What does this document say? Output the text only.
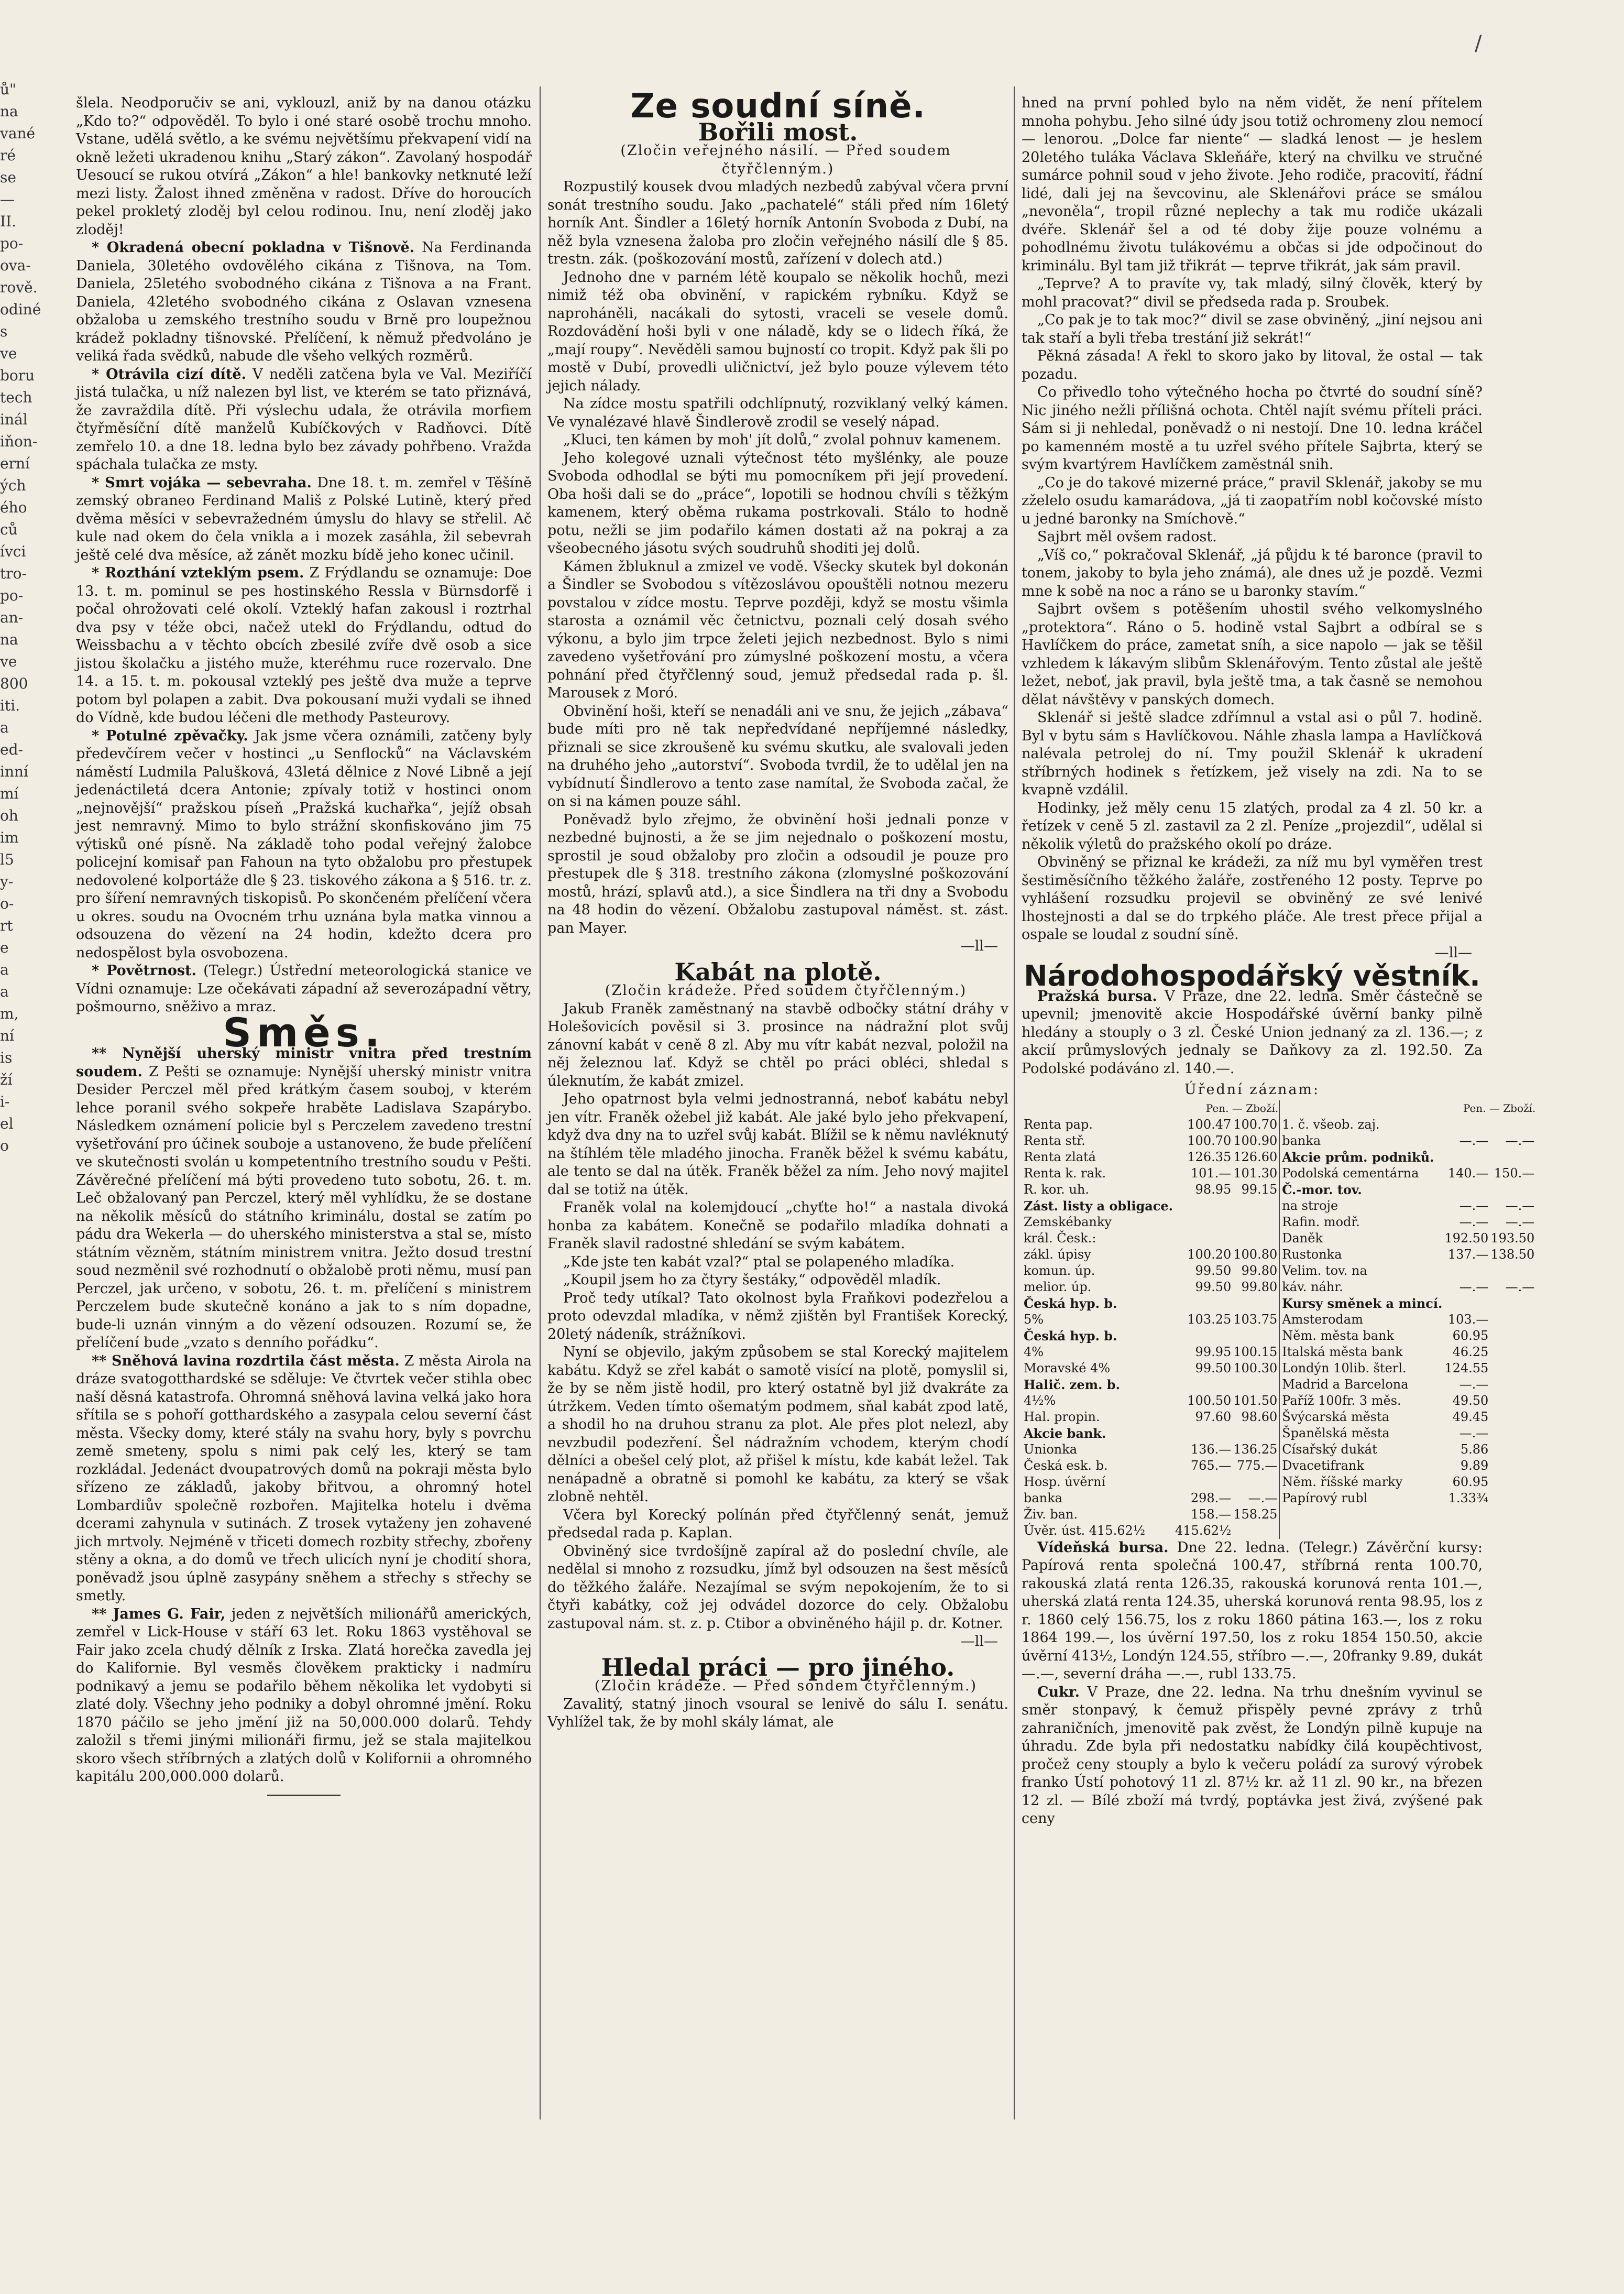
ů" na
vané
ré se
—II.
po-
ova-
rově.
odiné
s ve
boru
tech
inál
iňon-
erní
ých
ého
ců
ívci
tro-
po-
an-
na
ve
800
iti.
a
ed-
inní
mí
oh
im
l5
y-
o-
rt
e
a
a
m,
ní
is
ží
i-
el
o
/

šlela. Neodporučiv se ani, vyklouzl, aniž by na danou otázku „Kdo to?“ odpověděl. To bylo i oné staré osobě trochu mnoho. Vstane, udělá světlo, a ke svému největšímu překvapení vidí na okně ležeti ukradenou knihu „Starý zákon“. Zavolaný hospodář Uesoucí se rukou otvírá „Zákon“ a hle! bankovky netknuté leží mezi listy. Žalost ihned změněna v radost. Dříve do horoucích pekel prokletý zloděj byl celou rodinou. Inu, není zloděj jako zloděj!

* Okradená obecní pokladna v Tišnově. Na Ferdinanda Daniela, 30letého ovdovělého cikána z Tišnova, na Tom. Daniela, 25letého svobodného cikána z Tišnova a na Frant. Daniela, 42letého svobodného cikána z Oslavan vznesena obžaloba u zemského trestního soudu v Brně pro loupežnou krádež pokladny tišnovské. Přelíčení, k němuž předvoláno je veliká řada svědků, nabude dle všeho velkých rozměrů.

* Otrávila cizí dítě. V neděli zatčena byla ve Val. Meziříčí jistá tulačka, u níž nalezen byl list, ve kterém se tato přiznává, že zavraždila dítě. Při výslechu udala, že otrávila morfiem čtyřměsíční dítě manželů Kubíčkových v Radňovci. Dítě zemřelo 10. a dne 18. ledna bylo bez závady pohřbeno. Vražda spáchala tulačka ze msty.

* Smrt vojáka — sebevraha. Dne 18. t. m. zemřel v Těšíně zemský obraneo Ferdinand Mališ z Polské Lutině, který před dvěma měsíci v sebevražedném úmyslu do hlavy se střelil. Ač kule nad okem do čela vnikla a i mozek zasáhla, žil sebevrah ještě celé dva měsíce, až zánět mozku bídě jeho konec učinil.

* Rozthání vzteklým psem. Z Frýdlandu se oznamuje: Doe 13. t. m. pominul se pes hostinského Ressla v Bürnsdorfě i počal ohrožovati celé okolí. Vzteklý hafan zakousl i roztrhal dva psy v téže obci, načež utekl do Frýdlandu, odtud do Weissbachu a v těchto obcích zbesilé zvíře dvě osob a sice jistou školačku a jistého muže, kteréhmu ruce rozervalo. Dne 14. a 15. t. m. pokousal vzteklý pes ještě dva muže a teprve potom byl polapen a zabit. Dva pokousaní muži vydali se ihned do Vídně, kde budou léčeni dle methody Pasteurovy.

* Potulné zpěvačky. Jak jsme včera oznámili, zatčeny byly předevčírem večer v hostinci „u Senflocků“ na Václavském náměstí Ludmila Palušková, 43letá dělnice z Nové Libně a její jedenáctiletá dcera Antonie; zpívaly totiž v hostinci onom „nejnovější“ pražskou píseň „Pražská kuchařka“, jejíž obsah jest nemravný. Mimo to bylo strážní skonfiskováno jim 75 výtisků oné písně. Na základě toho podal veřejný žalobce policejní komisař pan Fahoun na tyto obžalobu pro přestupek nedovolené kolportáže dle § 23. tiskového zákona a § 516. tr. z. pro šíření nemravných tiskopisů. Po skončeném přelíčení včera u okres. soudu na Ovocném trhu uznána byla matka vinnou a odsouzena do vězení na 24 hodin, kdežto dcera pro nedospělost byla osvobozena.

* Povětrnost. (Telegr.) Ústřední meteorologická stanice ve Vídni oznamuje: Lze očekávati západní až severozápadní větry, pošmourno, sněživo a mraz.

Směs.

** Nynější uherský ministr vnitra před trestním soudem. Z Pešti se oznamuje: Nynější uherský ministr vnitra Desider Perczel měl před krátkým časem souboj, v kterém lehce poranil svého sokpeře hraběte Ladislava Szapárybo. Následkem oznámení policie byl s Perczelem zavedeno trestní vyšetřování pro účinek souboje a ustanoveno, že bude přelíčení ve skutečnosti svolán u kompetentního trestního soudu v Pešti. Závěrečné přelíčení má býti provedeno tuto sobotu, 26. t. m. Leč obžalovaný pan Perczel, který měl vyhlídku, že se dostane na několik měsíců do státního kriminálu, dostal se zatím po pádu dra Wekerla — do uherského ministerstva a stal se, místo státním vězněm, státním ministrem vnitra. Ježto dosud trestní soud nezměnil své rozhodnutí o obžalobě proti němu, musí pan Perczel, jak určeno, v sobotu, 26. t. m. přelíčení s ministrem Perczelem bude skutečně konáno a jak to s ním dopadne, bude-li uznán vinným a do vězení odsouzen. Rozumí se, že přelíčení bude „vzato s denního pořádku“.

** Sněhová lavina rozdrtila část města. Z města Airola na dráze svatogotthardské se sděluje: Ve čtvrtek večer stihla obec naší děsná katastrofa. Ohromná sněhová lavina velká jako hora sřítila se s pohoří gotthardského a zasypala celou severní část města. Všecky domy, které stály na svahu hory, byly s povrchu země smeteny, spolu s nimi pak celý les, který se tam rozkládal. Jedenáct dvoupatrových domů na pokraji města bylo sřízeno ze základů, jakoby břitvou, a ohromný hotel Lombardiův společně rozbořen. Majitelka hotelu i dvěma dcerami zahynula v sutinách. Z trosek vytaženy jen zohavené jich mrtvoly. Nejméně v třiceti domech rozbity střechy, zbořeny stěny a okna, a do domů ve třech ulicích nyní je chodití shora, poněvadž jsou úplně zasypány sněhem a střechy s střechy se smetly.

** James G. Fair, jeden z největších milionářů amerických, zemřel v Lick-House v stáří 63 let. Roku 1863 vystěhoval se Fair jako zcela chudý dělník z Irska. Zlatá horečka zavedla jej do Kalifornie. Byl vesměs člověkem prakticky i nadmíru podnikavý a jemu se podařilo během několika let vydobyti si zlaté doly. Všechny jeho podniky a dobyl ohromné jmění. Roku 1870 páčilo se jeho jmění již na 50,000.000 dolarů. Tehdy založil s třemi jinými milionáři firmu, jež se stala majitelkou skoro všech stříbrných a zlatých dolů v Kolifornii a ohromného kapitálu 200,000.000 dolarů.

Ze soudní síně.
Bořili most.

(Zločin veřejného násilí. — Před soudem čtyřčlenným.)

Rozpustilý kousek dvou mladých nezbedů zabýval včera první sonát trestního soudu. Jako „pachatelé“ stáli před ním 16letý horník Ant. Šindler a 16letý horník Antonín Svoboda z Dubí, na něž byla vznesena žaloba pro zločin veřejného násilí dle § 85. trestn. zák. (poškozování mostů, zařízení v dolech atd.)

Jednoho dne v parném létě koupalo se několik hochů, mezi nimiž též oba obvinění, v rapickém rybníku. Když se naproháněli, nacákali do sytosti, vraceli se vesele domů. Rozdovádění hoši byli v one náladě, kdy se o lidech říká, že „mají roupy“. Nevěděli samou bujností co tropit. Když pak šli po mostě v Dubí, provedli uličnictví, jež bylo pouze výlevem této jejich nálady.

Na zídce mostu spatřili odchlípnutý, rozviklaný velký kámen. Ve vynalézavé hlavě Šindlerově zrodil se veselý nápad.

„Kluci, ten kámen by moh' jít dolů,“ zvolal pohnuv kamenem.

Jeho kolegové uznali výtečnost této myšlénky, ale pouze Svoboda odhodlal se býti mu pomocníkem při její provedení. Oba hoši dali se do „práce“, lopotili se hodnou chvíli s těžkým kamenem, který oběma rukama postrkovali. Stálo to hodně potu, nežli se jim podařilo kámen dostati až na pokraj a za všeobecného jásotu svých soudruhů shoditi jej dolů.

Kámen žbluknul a zmizel ve vodě. Všecky skutek byl dokonán a Šindler se Svobodou s vítězoslávou opouštěli notnou mezeru povstalou v zídce mostu. Teprve později, když se mostu všimla starosta a oznámil věc četnictvu, poznali celý dosah svého výkonu, a bylo jim trpce želeti jejich nezbednost. Bylo s nimi zavedeno vyšetřování pro zúmyslné poškození mostu, a včera pohnání před čtyřčlenný soud, jemuž předsedal rada p. šl. Marousek z Moró.

Obvinění hoši, kteří se nenadáli ani ve snu, že jejich „zábava“ bude míti pro ně tak nepředvídané nepříjemné následky, přiznali se sice zkroušeně ku svému skutku, ale svalovali jeden na druhého jeho „autorství“. Svoboda tvrdil, že to udělal jen na vybídnutí Šindlerovo a tento zase namítal, že Svoboda začal, že on si na kámen pouze sáhl.

Poněvadž bylo zřejmo, že obvinění hoši jednali ponze v nezbedné bujnosti, a že se jim nejednalo o poškození mostu, sprostil je soud obžaloby pro zločin a odsoudil je pouze pro přestupek dle § 318. trestního zákona (zlomyslné poškozování mostů, hrází, splavů atd.), a sice Šindlera na tři dny a Svobodu na 48 hodin do vězení. Obžalobu zastupoval náměst. st. zást. pan Mayer.

—ll—
Kabát na plotě.

(Zločin krádeže. Před soudem čtyřčlenným.)

Jakub Franěk zaměstnaný na stavbě odbočky státní dráhy v Holešovicích pověsil si 3. prosince na nádražní plot svůj zánovní kabát v ceně 8 zl. Aby mu vítr kabát nezval, položil na něj železnou lať. Když se chtěl po práci obléci, shledal s úleknutím, že kabát zmizel.

Jeho opatrnost byla velmi jednostranná, neboť kabátu nebyl jen vítr. Franěk ožebel již kabát. Ale jaké bylo jeho překvapení, když dva dny na to uzřel svůj kabát. Blížil se k němu navléknutý na štíhlém těle mladého jinocha. Franěk běžel k svému kabátu, ale tento se dal na útěk. Franěk běžel za ním. Jeho nový majitel dal se totiž na útěk.

Franěk volal na kolemjdoucí „chyťte ho!“ a nastala divoká honba za kabátem. Konečně se podařilo mladíka dohnati a Franěk slavil radostné shledání se svým kabátem.

„Kde jste ten kabát vzal?“ ptal se polapeného mladíka.

„Koupil jsem ho za čtyry šestáky,“ odpověděl mladík.

Proč tedy utíkal? Tato okolnost byla Fraňkovi podezřelou a proto odevzdal mladíka, v němž zjištěn byl František Korecký, 20letý nádeník, strážníkovi.

Nyní se objevilo, jakým způsobem se stal Korecký majitelem kabátu. Když se zřel kabát o samotě visící na plotě, pomyslil si, že by se něm jistě hodil, pro který ostatně byl již dvakráte za útržkem. Veden tímto ošematým podmem, sňal kabát zpod latě, a shodil ho na druhou stranu za plot. Ale přes plot nelezl, aby nevzbudil podezření. Šel nádražním vchodem, kterým chodí dělníci a obešel celý plot, až přišel k místu, kde kabát ležel. Tak nenápadně a obratně si pomohl ke kabátu, za který se však zlobně nehtěl.

Včera byl Korecký polínán před čtyřčlenný senát, jemuž předsedal rada p. Kaplan.

Obviněný sice tvrdošíjně zapíral až do poslední chvíle, ale nedělal si mnoho z rozsudku, jímž byl odsouzen na šest měsíců do těžkého žaláře. Nezajímal se svým nepokojením, že to si čtyři kabátky, což jej odvádel dozorce do cely. Obžalobu zastupoval nám. st. z. p. Ctibor a obviněného hájil p. dr. Kotner.

—ll—
Hledal práci — pro jiného.

(Zločin krádeže. — Před sondem čtyřčlenným.)

Zavalitý, statný jinoch vsoural se lenivě do sálu I. senátu. Vyhlížel tak, že by mohl skály lámat, ale

hned na první pohled bylo na něm vidět, že není přítelem mnoha pohybu. Jeho silné údy jsou totiž ochromeny zlou nemocí — lenorou. „Dolce far niente“ — sladká lenost — je heslem 20letého tuláka Václava Skleňáře, který na chvilku ve stručné sumárce pohnil soud v jeho živote. Jeho rodiče, pracovití, řádní lidé, dali jej na ševcovinu, ale Sklenářovi práce se smálou „nevoněla“, tropil různé neplechy a tak mu rodiče ukázali dvéře. Sklenář šel a od té doby žije pouze volnému a pohodlnému životu tulákovému a občas si jde odpočinout do kriminálu. Byl tam již třikrát — teprve třikrát, jak sám pravil.

„Teprve? A to pravíte vy, tak mladý, silný člověk, který by mohl pracovat?“ divil se předseda rada p. Sroubek.

„Co pak je to tak moc?“ divil se zase obviněný, „jiní nejsou ani tak staří a byli třeba trestání již sekrát!“

Pěkná zásada! A řekl to skoro jako by litoval, že ostal — tak pozadu.

Co přivedlo toho výtečného hocha po čtvrté do soudní síně? Nic jiného nežli přílišná ochota. Chtěl najít svému příteli práci. Sám si ji nehledal, poněvadž o ni nestojí. Dne 10. ledna kráčel po kamenném mostě a tu uzřel svého přítele Sajbrta, který se svým kvartýrem Havlíčkem zaměstnál snih.

„Co je do takové mizerné práce,“ pravil Sklenář, jakoby se mu zželelo osudu kamarádova, „já ti zaopatřím nobl kočovské místo u jedné baronky na Smíchově.“

Sajbrt měl ovšem radost.

„Víš co,“ pokračoval Sklenář, „já půjdu k té baronce (pravil to tonem, jakoby to byla jeho známá), ale dnes už je pozdě. Vezmi mne k sobě na noc a ráno se u baronky stavím.“

Sajbrt ovšem s potěšením uhostil svého velkomyslného „protektora“. Ráno o 5. hodině vstal Sajbrt a odbíral se s Havlíčkem do práce, zametat sníh, a sice napolo — jak se těšil vzhledem k lákavým slibům Sklenářovým. Tento zůstal ale ještě ležet, neboť, jak pravil, byla ještě tma, a tak časně se nemohou dělat návštěvy v panských domech.

Sklenář si ještě sladce zdřímnul a vstal asi o půl 7. hodině. Byl v bytu sám s Havlíčkovou. Náhle zhasla lampa a Havlíčková nalévala petrolej do ní. Tmy použil Sklenář k ukradení stříbrných hodinek s řetízkem, jež visely na zdi. Na to se kvapně vzdálil.

Hodinky, jež měly cenu 15 zlatých, prodal za 4 zl. 50 kr. a řetízek v ceně 5 zl. zastavil za 2 zl. Peníze „projezdil“, udělal si několik výletů do pražského okolí po dráze.

Obviněný se přiznal ke krádeži, za níž mu byl vyměřen trest šestiměsíčního těžkého žaláře, zostřeného 12 posty. Teprve po vyhlášení rozsudku projevil se obviněný ze své lenivé lhostejnosti a dal se do trpkého pláče. Ale trest přece přijal a ospale se loudal z soudní síně.

—ll—
Národohospodářský věstník.

Pražská bursa. V Praze, dne 22. ledna. Směr částečně se upevnil; jmenovitě akcie Hospodářské úvěrní banky pilně hledány a stouply o 3 zl. České Union jednaný za zl. 136.—; z akcií průmyslových jednaly se Daňkovy za zl. 192.50. Za Podolské podáváno zl. 140.—.

Úřední záznam:
Pen. — Zboží.
Renta pap.	100.47	100.70
Renta stř.	100.70	100.90
Renta zlatá	126.35	126.60
Renta k. rak.	101.—	101.30
R. kor. uh.	98.95	99.15
Zást. listy a obligace.		
Zemskébanky		
král. Česk.:		
zákl. úpisy	100.20	100.80
komun. úp.	99.50	99.80
melior. úp.	99.50	99.80
Česká hyp. b.		
5%	103.25	103.75
Česká hyp. b.		
4%	99.95	100.15
Moravské 4%	99.50	100.30
Halič. zem. b.		
4½%	100.50	101.50
Hal. propin.	97.60	98.60
Akcie bank.		
Unionka	136.—	136.25
Česká esk. b.	765.—	775.—
Hosp. úvěrní		
banka	298.—	—.—
Živ. ban.	158.—	158.25
Úvěr. úst. 415.62½	415.62½	

Pen. — Zboží.
1. č. všeob. zaj.		
banka	—.—	—.—
Akcie prům. podniků.		
Podolská cementárna	140.—	150.—
Č.-mor. tov.		
na stroje	—.—	—.—
Rafin. modř.	—.—	—.—
Daněk	192.50	193.50
Rustonka	137.—	138.50
Velim. tov. na		
káv. náhr.	—.—	—.—
Kursy směnek a mincí.		
Amsterodam	103.—	
Něm. města bank	60.95	
Italská města bank	46.25	
Londýn 10lib. šterl.	124.55	
Madrid a Barcelona	—.—	
Paříž 100fr. 3 měs.	49.50	
Švýcarská města	49.45	
Španělská města	—.—	
Císařský dukát	5.86	
Dvacetifrank	9.89	
Něm. říšské marky	60.95	
Papírový rubl	1.33¾	

Vídeňská bursa. Dne 22. ledna. (Telegr.) Závěrční kursy: Papírová renta společná 100.47, stříbrná renta 100.70, rakouská zlatá renta 126.35, rakouská korunová renta 101.—, uherská zlatá renta 124.35, uherská korunová renta 98.95, los z r. 1860 celý 156.75, los z roku 1860 pátina 163.—, los z roku 1864 199.—, los úvěrní 197.50, los z roku 1854 150.50, akcie úvěrní 413½, Londýn 124.55, stříbro —.—, 20franky 9.89, dukát —.—, severní dráha —.—, rubl 133.75.

Cukr. V Praze, dne 22. ledna. Na trhu dnešním vyvinul se směr stonpavý, k čemuž přispěly pevné zprávy z trhů zahraničních, jmenovitě pak zvěst, že Londýn pilně kupuje na úhradu. Zde byla při nedostatku nabídky čilá koupěchtivost, pročež ceny stouply a bylo k večeru poládí za surový výrobek franko Ústí pohotový 11 zl. 87½ kr. až 11 zl. 90 kr., na březen 12 zl. — Bílé zboží má tvrdý, poptávka jest živá, zvýšené pak ceny
